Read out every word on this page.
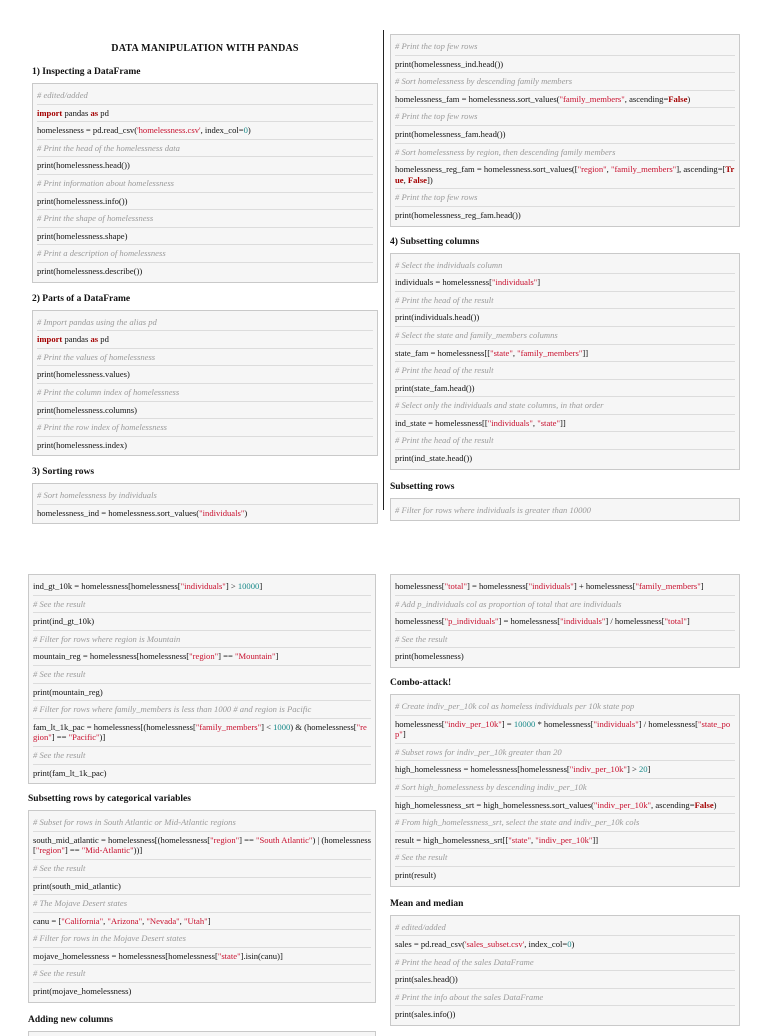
DATA MANIPULATION WITH PANDAS
1) Inspecting a DataFrame
# edited/added
import pandas as pd
homelessness = pd.read_csv('homelessness.csv', index_col=0)
# Print the head of the homelessness data
print(homelessness.head())
# Print information about homelessness
print(homelessness.info())
# Print the shape of homelessness
print(homelessness.shape)
# Print a description of homelessness
print(homelessness.describe())
2) Parts of a DataFrame
# Import pandas using the alias pd
import pandas as pd
# Print the values of homelessness
print(homelessness.values)
# Print the column index of homelessness
print(homelessness.columns)
# Print the row index of homelessness
print(homelessness.index)
3) Sorting rows
# Sort homelessness by individuals
homelessness_ind = homelessness.sort_values("individuals")
# Print the top few rows
print(homelessness_ind.head())
# Sort homelessness by descending family members
homelessness_fam = homelessness.sort_values("family_members", ascending=False)
# Print the top few rows
print(homelessness_fam.head())
# Sort homelessness by region, then descending family members
homelessness_reg_fam = homelessness.sort_values(["region", "family_members"], ascending=[True, False])
# Print the top few rows
print(homelessness_reg_fam.head())
4) Subsetting columns
# Select the individuals column
individuals = homelessness["individuals"]
# Print the head of the result
print(individuals.head())
# Select the state and family_members columns
state_fam = homelessness[["state", "family_members"]]
# Print the head of the result
print(state_fam.head())
# Select only the individuals and state columns, in that order
ind_state = homelessness[["individuals", "state"]]
# Print the head of the result
print(ind_state.head())
Subsetting rows
# Filter for rows where individuals is greater than 10000
ind_gt_10k = homelessness[homelessness["individuals"] > 10000]
# See the result
print(ind_gt_10k)
# Filter for rows where region is Mountain
mountain_reg = homelessness[homelessness["region"] == "Mountain"]
# See the result
print(mountain_reg)
# Filter for rows where family_members is less than 1000 # and region is Pacific
fam_lt_1k_pac = homelessness[(homelessness["family_members"] < 1000) & (homelessness["region"] == "Pacific")]
# See the result
print(fam_lt_1k_pac)
Subsetting rows by categorical variables
# Subset for rows in South Atlantic or Mid-Atlantic regions
south_mid_atlantic = homelessness[(homelessness["region"] == "South Atlantic") | (homelessness["region"] == "Mid-Atlantic"))]
# See the result
print(south_mid_atlantic)
# The Mojave Desert states
canu = ["California", "Arizona", "Nevada", "Utah"]
# Filter for rows in the Mojave Desert states
mojave_homelessness = homelessness[homelessness["state"].isin(canu)]
# See the result
print(mojave_homelessness)
Adding new columns
homelessness["total"] = homelessness["individuals"] + homelessness["family_members"]
# Add p_individuals col as proportion of total that are individuals
homelessness["p_individuals"] = homelessness["individuals"] / homelessness["total"]
# See the result
print(homelessness)
Combo-attack!
# Create indiv_per_10k col as homeless individuals per 10k state pop
homelessness["indiv_per_10k"] = 10000 * homelessness["individuals"] / homelessness["state_pop"]
# Subset rows for indiv_per_10k greater than 20
high_homelessness = homelessness[homelessness["indiv_per_10k"] > 20]
# Sort high_homelessness by descending indiv_per_10k
high_homelessness_srt = high_homelessness.sort_values("indiv_per_10k", ascending=False)
# From high_homelessness_srt, select the state and indiv_per_10k cols
result = high_homelessness_srt[["state", "indiv_per_10k"]]
# See the result
print(result)
Mean and median
# edited/added
sales = pd.read_csv('sales_subset.csv', index_col=0)
# Print the head of the sales DataFrame
print(sales.head())
# Print the info about the sales DataFrame
print(sales.info())
